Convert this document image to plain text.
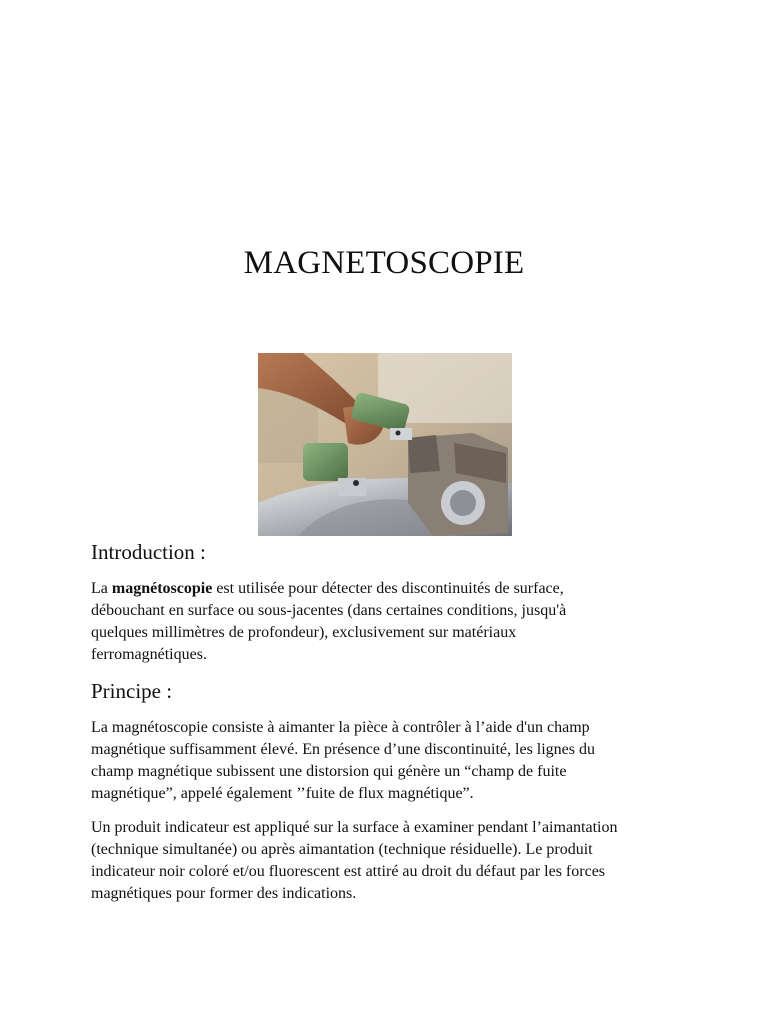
MAGNETOSCOPIE
Introduction :
La magnétoscopie est utilisée pour détecter des discontinuités de surface,
débouchant en surface ou sous-jacentes (dans certaines conditions, jusqu'à
quelques millimètres de profondeur), exclusivement sur matériaux
ferromagnétiques.
Principe :
La magnétoscopie consiste à aimanter la pièce à contrôler à l’aide d'un champ
magnétique suffisamment élevé. En présence d’une discontinuité, les lignes du
champ magnétique subissent une distorsion qui génère un “champ de fuite
magnétique”, appelé également ’’fuite de flux magnétique”.
Un produit indicateur est appliqué sur la surface à examiner pendant l’aimantation
(technique simultanée) ou après aimantation (technique résiduelle). Le produit
indicateur noir coloré et/ou fluorescent est attiré au droit du défaut par les forces
magnétiques pour former des indications.
